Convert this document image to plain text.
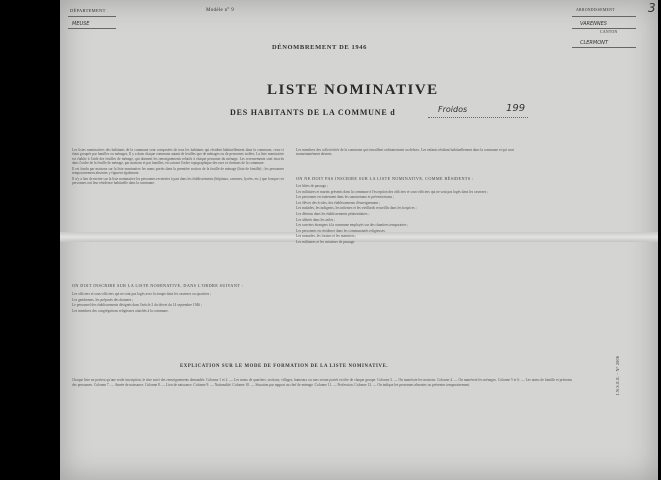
DÉPARTEMENT	Modèle n° 9	ARRONDISSEMENT	3
MEUSE	VARENNES
CANTON
CLERMONT
DÉNOMBREMENT DE 1946
LISTE NOMINATIVE
DES HABITANTS DE LA COMMUNE d	Froidos	199
Les listes nominatives des habitants de la commune sont composées de tous les habitants qui résident habituellement dans la commune, ceux-ci étant groupés par familles ou ménages. Il y a dans chaque commune autant de feuilles que de ménages ou de personnes isolées. La liste nominative est établie à l'aide des feuilles de ménage, qui donnent les renseignements relatifs à chaque personne du ménage. Les recensements sont inscrits dans l'ordre de la feuille de ménage, par maisons et par familles, en suivant l'ordre topographique des rues et chemins de la commune.
Il est fondu par maisons sur la liste nominative les noms portés dans la première section de la feuille de ménage (liste de famille) ; les personnes temporairement absentes y figurent également.
Il n'y a lieu de mettre sur la liste nominative les personnes recensées à part dans les établissements (hôpitaux, casernes, lycées, etc.) que lorsque ces personnes ont leur résidence habituelle dans la commune.
ON DOIT INSCRIRE SUR LA LISTE NOMINATIVE, DANS L'ORDRE SUIVANT :
Les officiers et sous-officiers qui ne sont pas logés avec la troupe dans les casernes ou quartiers ;
Les gendarmes, les préposés des douanes ;
Le personnel des établissements désignés dans l'article 2 du décret du 14 septembre 1946 ;
Les membres des congrégations religieuses attachés à la commune.
Les membres des collectivités de la commune qui travaillent ordinairement au dehors. Les enfants résidant habituellement dans la commune et qui sont momentanément absents.
ON NE DOIT PAS INSCRIRE SUR LA LISTE NOMINATIVE, COMME RÉSIDENTS :
Les hôtes de passage ;
Les militaires et marins présents dans la commune à l'exception des officiers et sous-officiers qui ne sont pas logés dans les casernes ;
Les personnes en traitement dans les sanatoriums et préventoriums ;
Les élèves des écoles, des établissements d'enseignement ;
Les malades, les indigents, les infirmes et les vieillards recueillis dans les hospices ;
Les détenus dans les établissements pénitentiaires ;
Les aliénés dans les asiles ;
Les ouvriers étrangers à la commune employés sur des chantiers temporaires ;
Les personnes en résidence dans les communautés religieuses.
Les nomades, les forains et les mariniers ;
Les militaires et les aviateurs de passage.
EXPLICATION SUR LE MODE DE FORMATION DE LA LISTE NOMINATIVE.
Chaque liste ne portera qu'une seule inscription, le titre suivi des renseignements demandés. Colonne 1 et 2. — Les noms de quartiers, sections, villages, hameaux ou rues seront portés en tête de chaque groupe. Colonne 3. — On numérote les maisons. Colonne 4. — On numérote les ménages. Colonne 5 et 6. — Les noms de famille et prénoms des personnes. Colonne 7. — Année de naissance. Colonne 8. — Lieu de naissance. Colonne 9. — Nationalité. Colonne 10. — Situation par rapport au chef de ménage. Colonne 11. — Profession. Colonne 12. — On indique les personnes absentes ou présentes temporairement.	I.N.S.E.E. - N° 2006
